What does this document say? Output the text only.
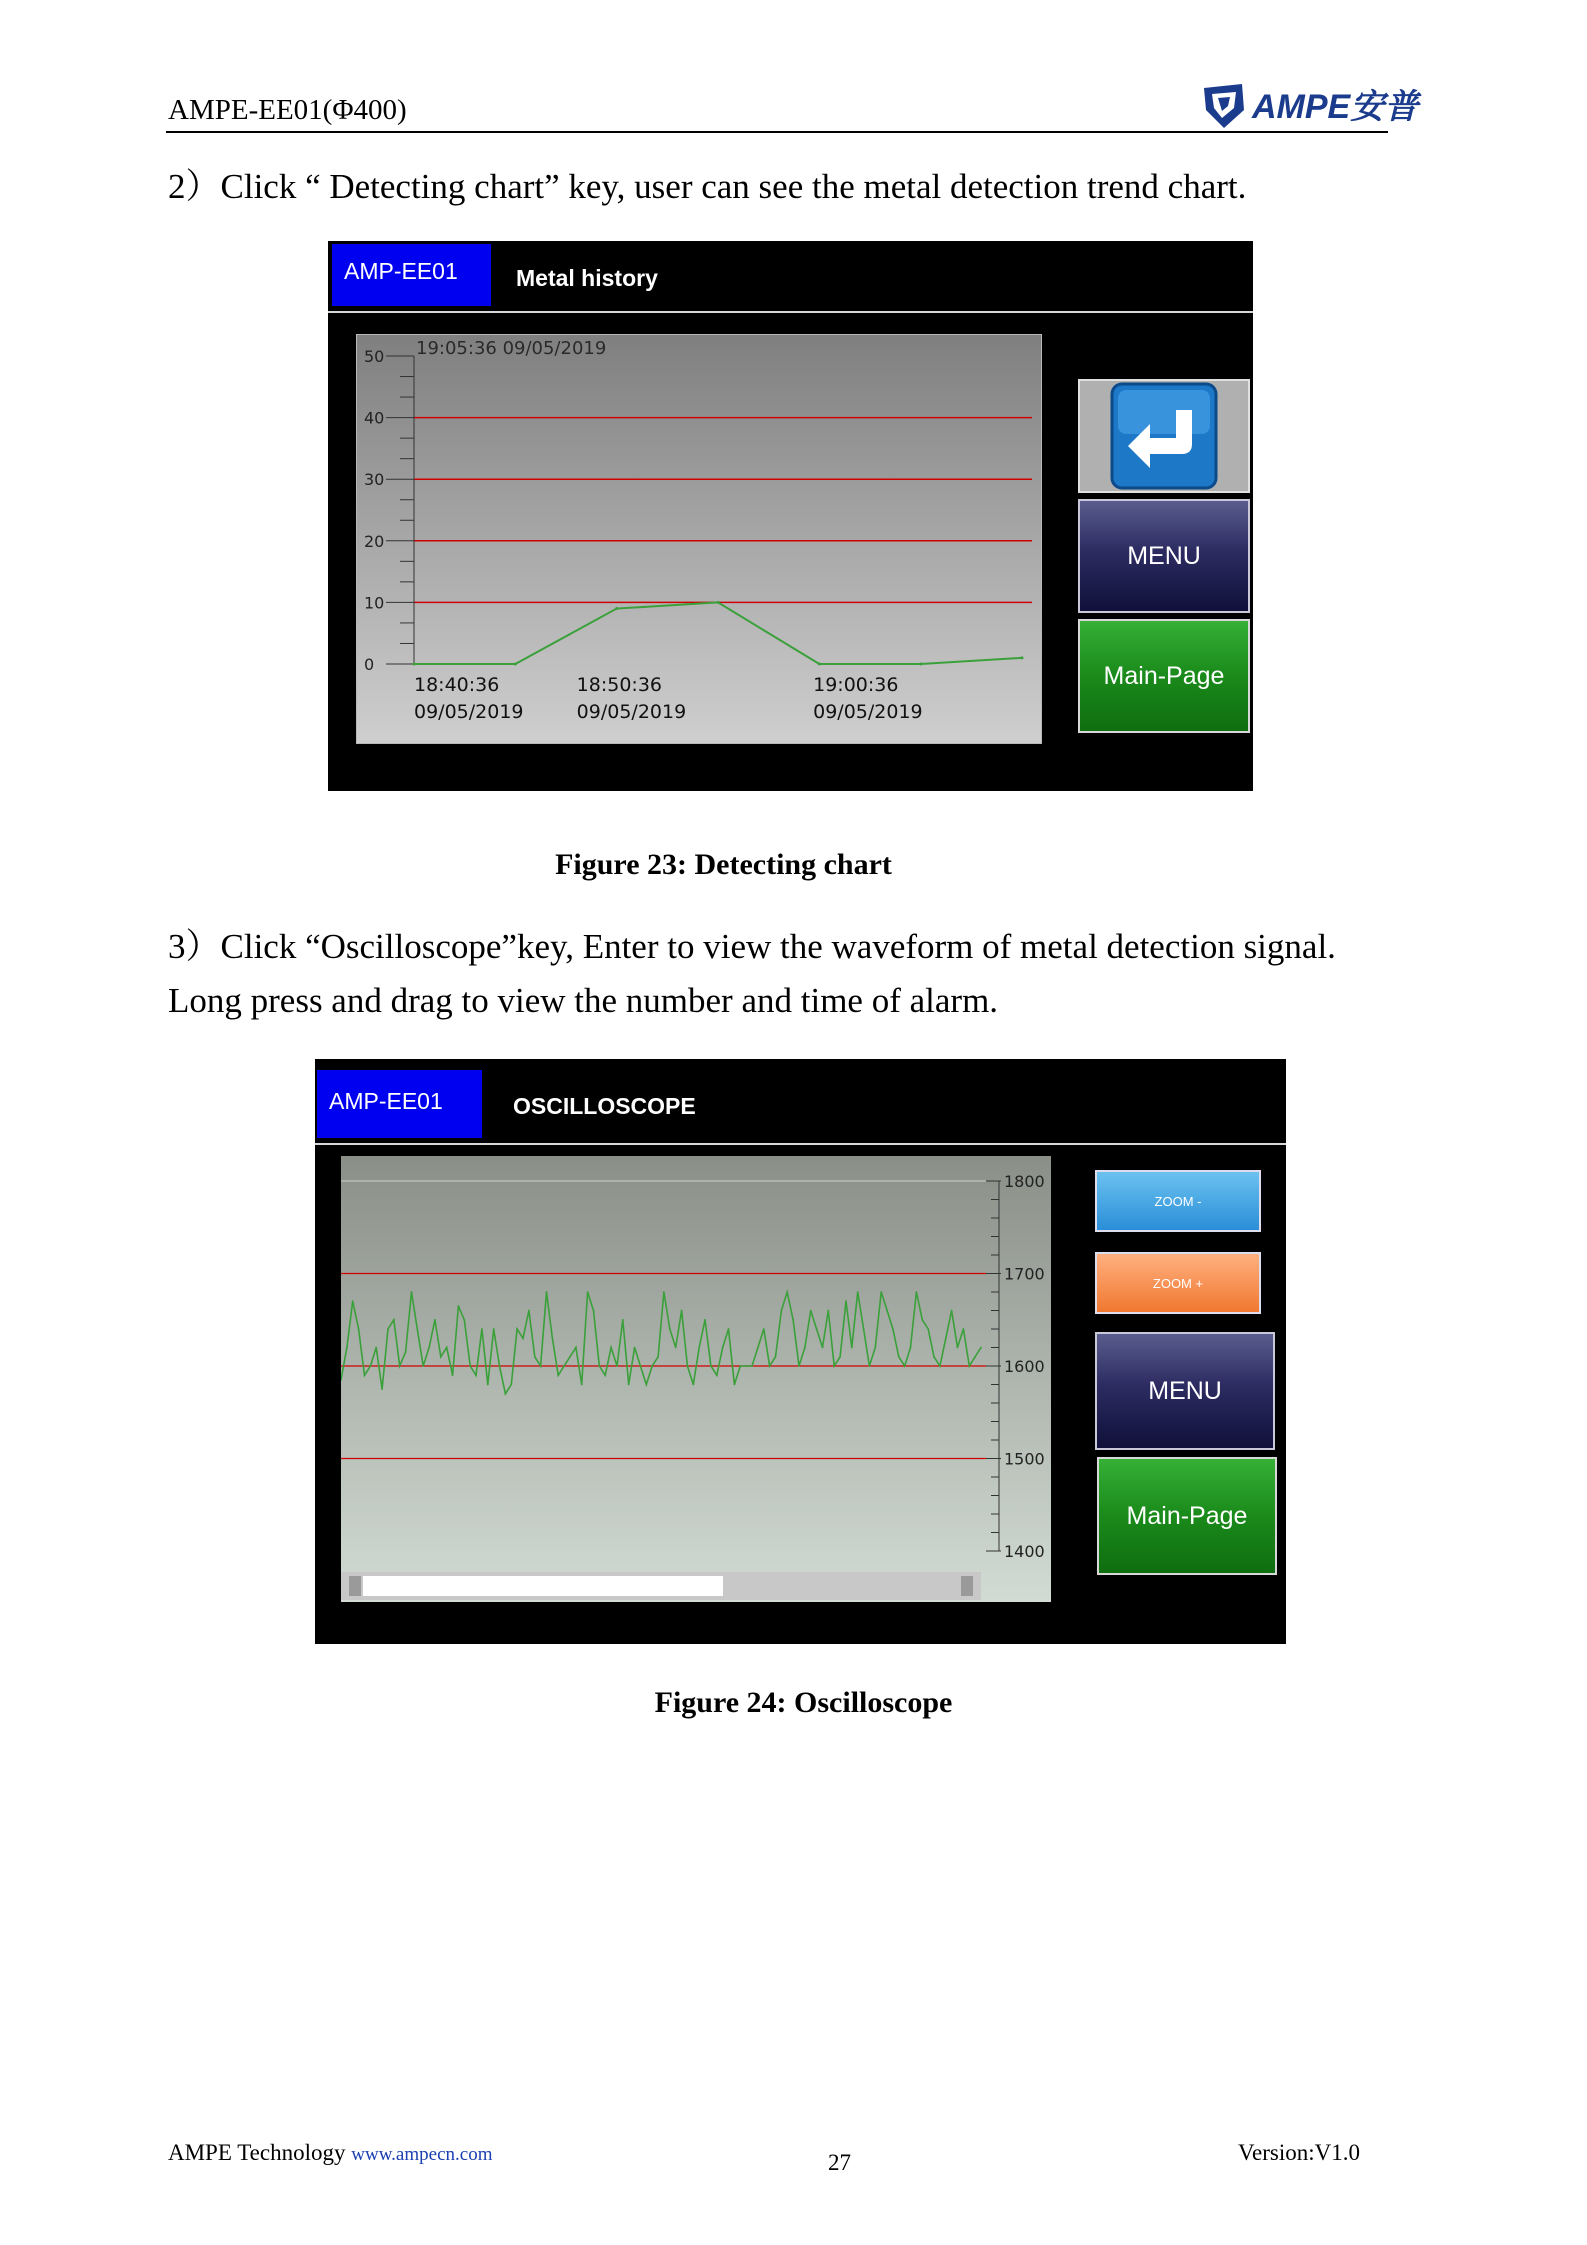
AMPE-EE01(Φ400)	AMPE安普
2）Click “ Detecting chart” key, user can see the metal detection trend chart.
AMP-EE01	Metal history
19:05:36 09/05/2019
50
40
30
20
10
0
18:40:36
09/05/2019
18:50:36
09/05/2019
19:00:36
09/05/2019
MENU
Main-Page
Figure 23: Detecting chart
3）Click “Oscilloscope”key, Enter to view the waveform of metal detection signal.
Long press and drag to view the number and time of alarm.
AMP-EE01	OSCILLOSCOPE
1800
1700
1600
1500
1400
ZOOM -
ZOOM +
MENU
Main-Page
Figure 24: Oscilloscope
AMPE Technology www.ampecn.com	27	Version:V1.0
